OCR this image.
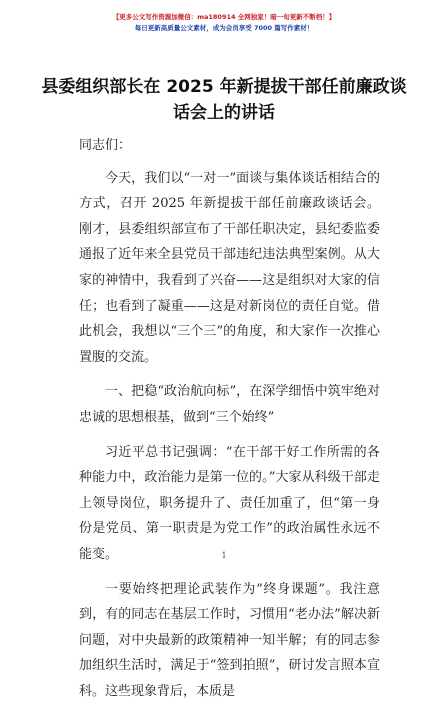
【更多公文写作资源加微信：ma180914 全网独家！暗一旬更新不断档！】
每日更新高质量公文素材，成为会员享受 7000 篇写作素材！
县委组织部长在 2025 年新提拔干部任前廉政谈话会上的讲话

同志们：

今天，我们以“一对一”面谈与集体谈话相结合的方式，召开 2025 年新提拔干部任前廉政谈话会。刚才，县委组织部宣布了干部任职决定，县纪委监委通报了近年来全县党员干部违纪违法典型案例。从大家的神情中，我看到了兴奋——这是组织对大家的信任；也看到了凝重——这是对新岗位的责任自觉。借此机会，我想以“三个三”的角度，和大家作一次推心置腹的交流。

一、把稳“政治航向标”，在深学细悟中筑牢绝对忠诚的思想根基，做到“三个始终”

习近平总书记强调：“在干部干好工作所需的各种能力中，政治能力是第一位的。”大家从科级干部走上领导岗位，职务提升了、责任加重了，但“第一身份是党员、第一职责是为党工作”的政治属性永远不能变。

一要始终把理论武装作为“终身课题”。我注意到，有的同志在基层工作时，习惯用“老办法”解决新问题，对中央最新的政策精神一知半解；有的同志参加组织生活时，满足于“签到拍照”，研讨发言照本宣科。这些现象背后，本质是

1
